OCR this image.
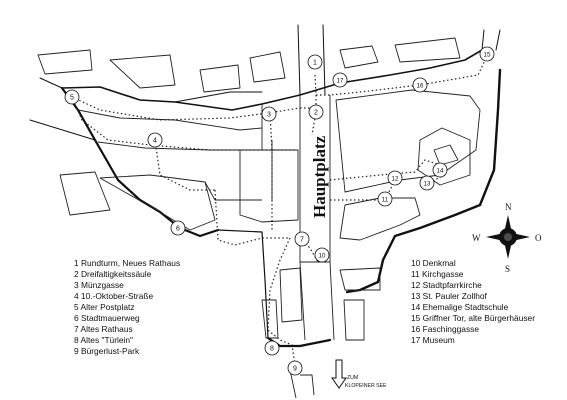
ZUM
KLOPEINER SEE
Hauptplatz	N
S
W	O
1
2
3
4
5
6
7
8
9
10
11
12
13
14
15
16
17
1 Rundturm, Neues Rathaus
2 Dreifaltigkeitssäule
3 Münzgasse
4 10.-Oktober-Straße
5 Alter Postplatz
6 Stadtmauerweg
7 Altes Rathaus
8 Altes "Türlein"
9 Bürgerlust-Park
10 Denkmal
11 Kirchgasse
12 Stadtpfarrkirche
13 St. Pauler Zollhof
14 Ehemalige Stadtschule
15 Griffner Tor, alte Bürgerhäuser
16 Faschinggasse
17 Museum
